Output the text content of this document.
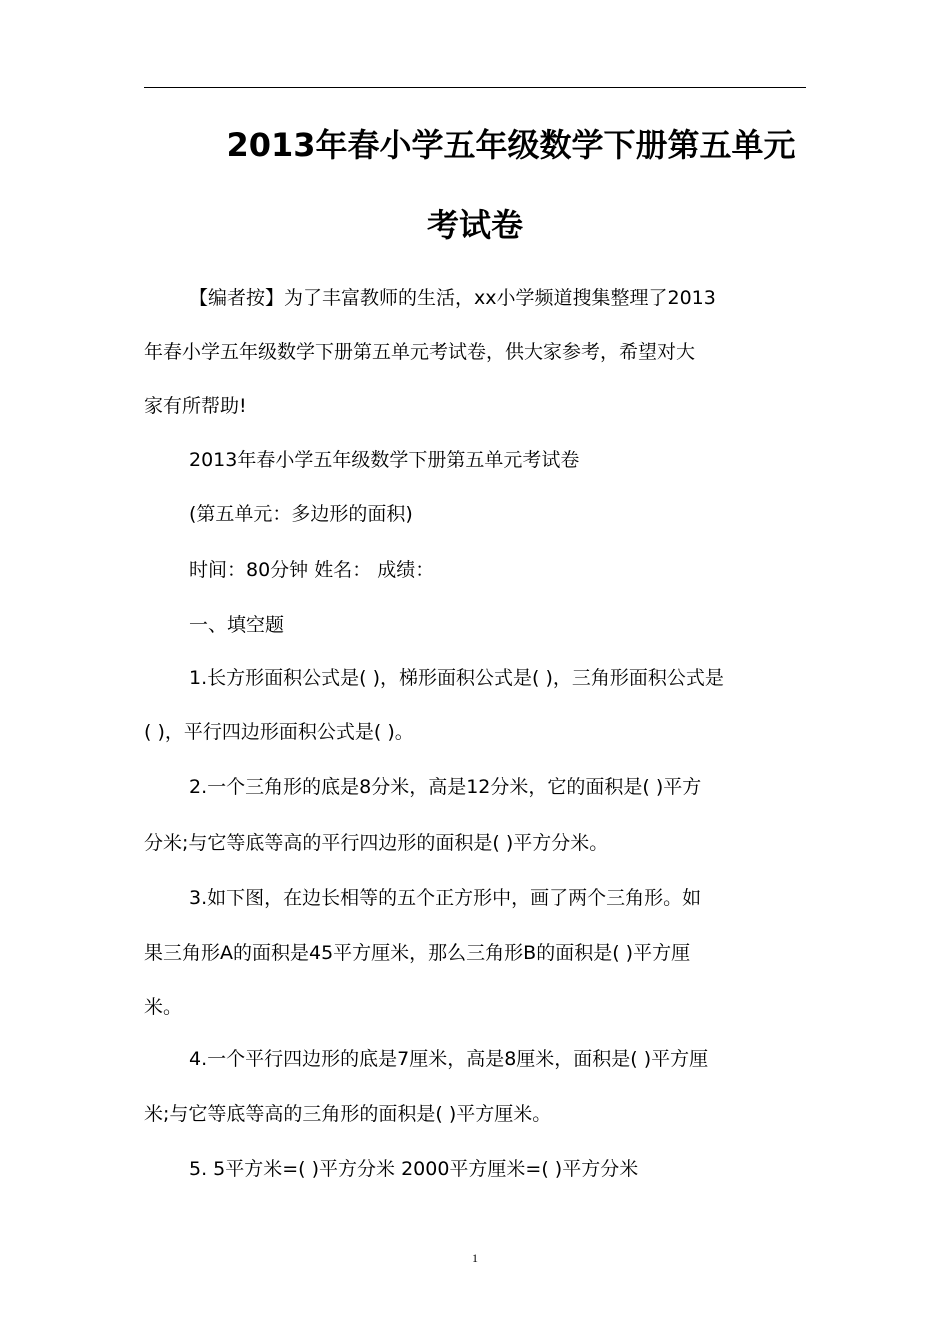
2013年春小学五年级数学下册第五单元
考试卷
【编者按】为了丰富教师的生活，xx小学频道搜集整理了2013
年春小学五年级数学下册第五单元考试卷，供大家参考，希望对大
家有所帮助!
2013年春小学五年级数学下册第五单元考试卷
(第五单元：多边形的面积)
时间：80分钟 姓名： 成绩：
一、填空题
1.长方形面积公式是( )，梯形面积公式是( )，三角形面积公式是
( )，平行四边形面积公式是( )。
2.一个三角形的底是8分米，高是12分米，它的面积是( )平方
分米;与它等底等高的平行四边形的面积是( )平方分米。
3.如下图，在边长相等的五个正方形中，画了两个三角形。如
果三角形A的面积是45平方厘米，那么三角形B的面积是( )平方厘
米。
4.一个平行四边形的底是7厘米，高是8厘米，面积是( )平方厘
米;与它等底等高的三角形的面积是( )平方厘米。
5. 5平方米=( )平方分米 2000平方厘米=( )平方分米
1
